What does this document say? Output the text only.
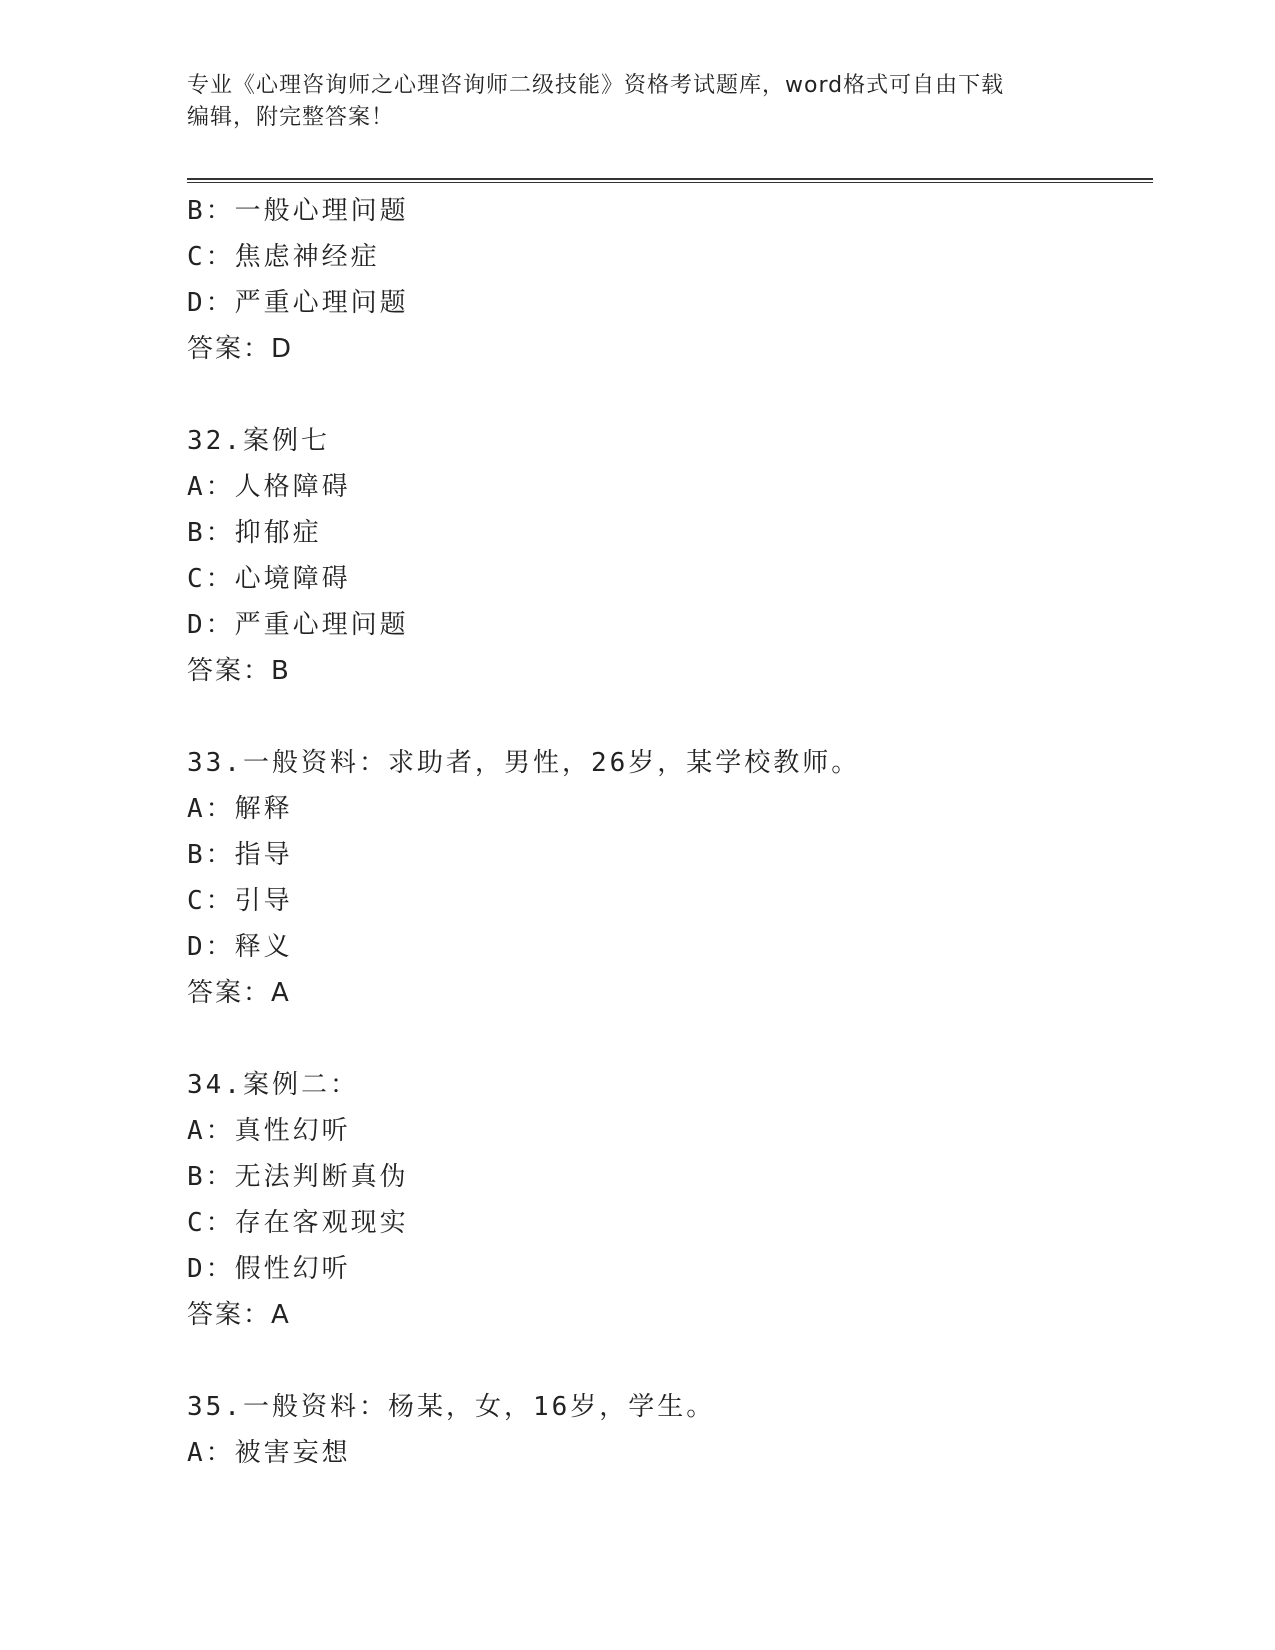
专业《心理咨询师之心理咨询师二级技能》资格考试题库，word格式可自由下载
编辑，附完整答案！
B：一般心理问题
C：焦虑神经症
D：严重心理问题
答案：D
32.案例七
A：人格障碍
B：抑郁症
C：心境障碍
D：严重心理问题
答案：B
33.一般资料：求助者，男性，26岁，某学校教师。
A：解释
B：指导
C：引导
D：释义
答案：A
34.案例二：
A：真性幻听
B：无法判断真伪
C：存在客观现实
D：假性幻听
答案：A
35.一般资料：杨某，女，16岁，学生。
A：被害妄想
